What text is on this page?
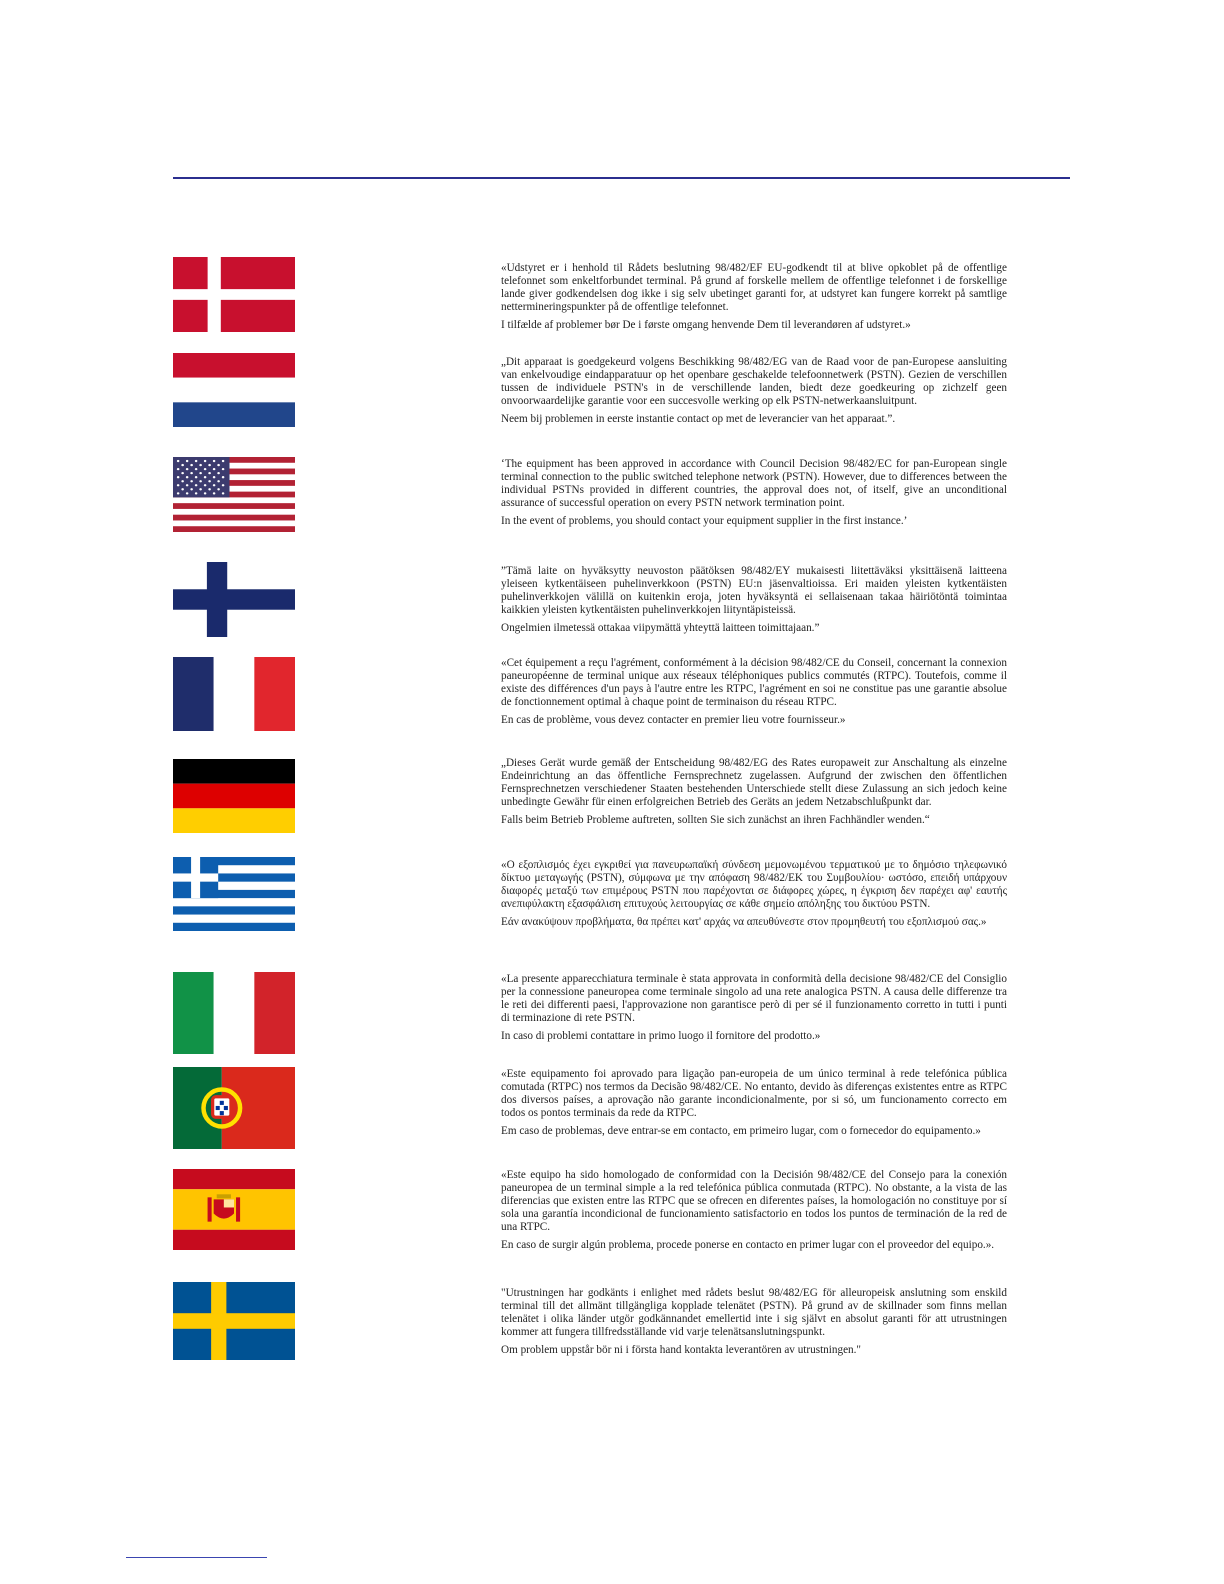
«Udstyret er i henhold til Rådets beslutning 98/482/EF EU-godkendt til at blive opkoblet på de offentlige telefonnet som enkeltforbundet terminal. På grund af forskelle mellem de offentlige telefonnet i de forskellige lande giver godkendelsen dog ikke i sig selv ubetinget garanti for, at udstyret kan fungere korrekt på samtlige nettermineringspunkter på de offentlige telefonnet.

I tilfælde af problemer bør De i første omgang henvende Dem til leverandøren af udstyret.»

„Dit apparaat is goedgekeurd volgens Beschikking 98/482/EG van de Raad voor de pan-Europese aansluiting van enkelvoudige eindapparatuur op het openbare geschakelde telefoonnetwerk (PSTN). Gezien de verschillen tussen de individuele PSTN's in de verschillende landen, biedt deze goedkeuring op zichzelf geen onvoorwaardelijke garantie voor een succesvolle werking op elk PSTN-netwerkaansluitpunt.

Neem bij problemen in eerste instantie contact op met de leverancier van het apparaat.”.

‘The equipment has been approved in accordance with Council Decision 98/482/EC for pan-European single terminal connection to the public switched telephone network (PSTN). However, due to differences between the individual PSTNs provided in different countries, the approval does not, of itself, give an unconditional assurance of successful operation on every PSTN network termination point.

In the event of problems, you should contact your equipment supplier in the first instance.’

”Tämä laite on hyväksytty neuvoston päätöksen 98/482/EY mukaisesti liitettäväksi yksittäisenä laitteena yleiseen kytkentäiseen puhelinverkkoon (PSTN) EU:n jäsenvaltioissa. Eri maiden yleisten kytkentäisten puhelinverkkojen välillä on kuitenkin eroja, joten hyväksyntä ei sellaisenaan takaa häiriötöntä toimintaa kaikkien yleisten kytkentäisten puhelinverkkojen liityntäpisteissä.

Ongelmien ilmetessä ottakaa viipymättä yhteyttä laitteen toimittajaan.”

«Cet équipement a reçu l'agrément, conformément à la décision 98/482/CE du Conseil, concernant la connexion paneuropéenne de terminal unique aux réseaux téléphoniques publics commutés (RTPC). Toutefois, comme il existe des différences d'un pays à l'autre entre les RTPC, l'agrément en soi ne constitue pas une garantie absolue de fonctionnement optimal à chaque point de terminaison du réseau RTPC.

En cas de problème, vous devez contacter en premier lieu votre fournisseur.»

„Dieses Gerät wurde gemäß der Entscheidung 98/482/EG des Rates europaweit zur Anschaltung als einzelne Endeinrichtung an das öffentliche Fernsprechnetz zugelassen. Aufgrund der zwischen den öffentlichen Fernsprechnetzen verschiedener Staaten bestehenden Unterschiede stellt diese Zulassung an sich jedoch keine unbedingte Gewähr für einen erfolgreichen Betrieb des Geräts an jedem Netzabschlußpunkt dar.

Falls beim Betrieb Probleme auftreten, sollten Sie sich zunächst an ihren Fachhändler wenden.“

«Ο εξοπλισμός έχει εγκριθεί για πανευρωπαϊκή σύνδεση μεμονωμένου τερματικού με το δημόσιο τηλεφωνικό δίκτυο μεταγωγής (PSTN), σύμφωνα με την απόφαση 98/482/ΕΚ του Συμβουλίου· ωστόσο, επειδή υπάρχουν διαφορές μεταξύ των επιμέρους PSTN που παρέχονται σε διάφορες χώρες, η έγκριση δεν παρέχει αφ' εαυτής ανεπιφύλακτη εξασφάλιση επιτυχούς λειτουργίας σε κάθε σημείο απόληξης του δικτύου PSTN.

Εάν ανακύψουν προβλήματα, θα πρέπει κατ' αρχάς να απευθύνεστε στον προμηθευτή του εξοπλισμού σας.»

«La presente apparecchiatura terminale è stata approvata in conformità della decisione 98/482/CE del Consiglio per la connessione paneuropea come terminale singolo ad una rete analogica PSTN. A causa delle differenze tra le reti dei differenti paesi, l'approvazione non garantisce però di per sé il funzionamento corretto in tutti i punti di terminazione di rete PSTN.

In caso di problemi contattare in primo luogo il fornitore del prodotto.»

«Este equipamento foi aprovado para ligação pan-europeia de um único terminal à rede telefónica pública comutada (RTPC) nos termos da Decisão 98/482/CE. No entanto, devido às diferenças existentes entre as RTPC dos diversos países, a aprovação não garante incondicionalmente, por si só, um funcionamento correcto em todos os pontos terminais da rede da RTPC.

Em caso de problemas, deve entrar-se em contacto, em primeiro lugar, com o fornecedor do equipamento.»

«Este equipo ha sido homologado de conformidad con la Decisión 98/482/CE del Consejo para la conexión paneuropea de un terminal simple a la red telefónica pública conmutada (RTPC). No obstante, a la vista de las diferencias que existen entre las RTPC que se ofrecen en diferentes países, la homologación no constituye por sí sola una garantía incondicional de funcionamiento satisfactorio en todos los puntos de terminación de la red de una RTPC.

En caso de surgir algún problema, procede ponerse en contacto en primer lugar con el proveedor del equipo.».

"Utrustningen har godkänts i enlighet med rådets beslut 98/482/EG för alleuropeisk anslutning som enskild terminal till det allmänt tillgängliga kopplade telenätet (PSTN). På grund av de skillnader som finns mellan telenätet i olika länder utgör godkännandet emellertid inte i sig självt en absolut garanti för att utrustningen kommer att fungera tillfredsställande vid varje telenätsanslutningspunkt.

Om problem uppstår bör ni i första hand kontakta leverantören av utrustningen."
